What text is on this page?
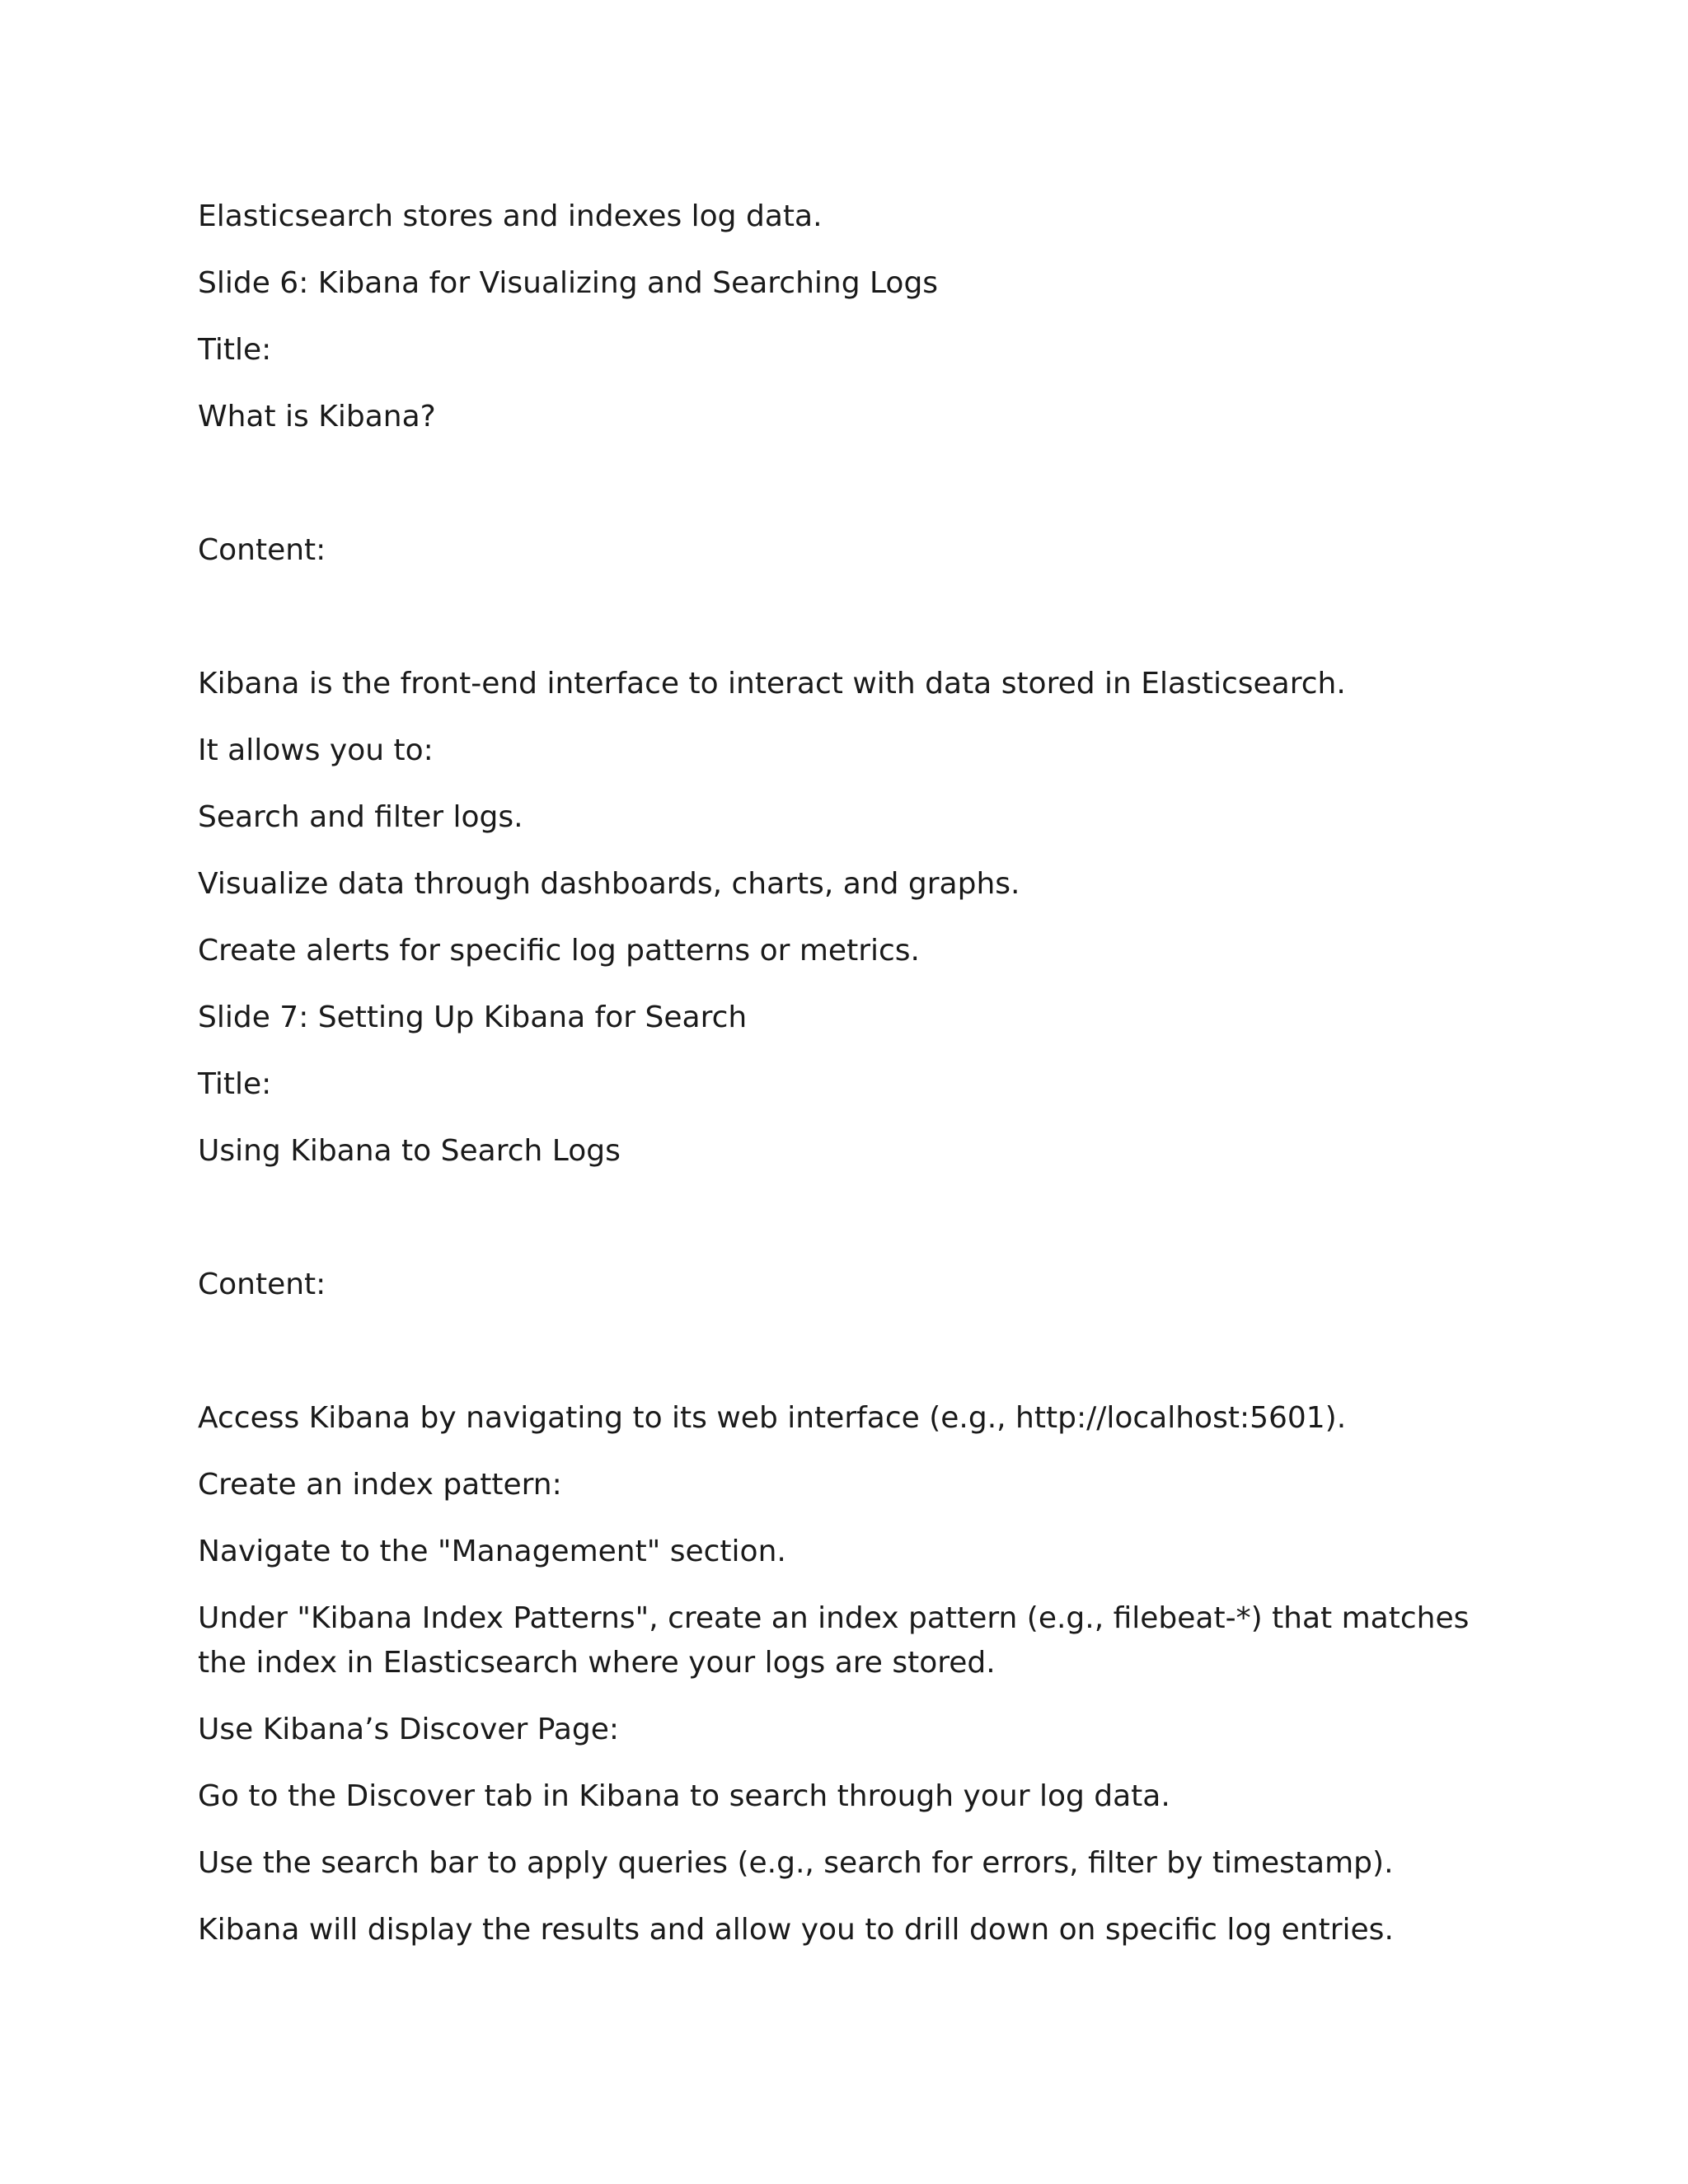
Elasticsearch stores and indexes log data.

Slide 6: Kibana for Visualizing and Searching Logs

Title:

What is Kibana?

Content:

Kibana is the front-end interface to interact with data stored in Elasticsearch.

It allows you to:

Search and filter logs.

Visualize data through dashboards, charts, and graphs.

Create alerts for specific log patterns or metrics.

Slide 7: Setting Up Kibana for Search

Title:

Using Kibana to Search Logs

Content:

Access Kibana by navigating to its web interface (e.g., http://localhost:5601).

Create an index pattern:

Navigate to the "Management" section.

Under "Kibana Index Patterns", create an index pattern (e.g., filebeat-*) that matches the index in Elasticsearch where your logs are stored.

Use Kibana’s Discover Page:

Go to the Discover tab in Kibana to search through your log data.

Use the search bar to apply queries (e.g., search for errors, filter by timestamp).

Kibana will display the results and allow you to drill down on specific log entries.
